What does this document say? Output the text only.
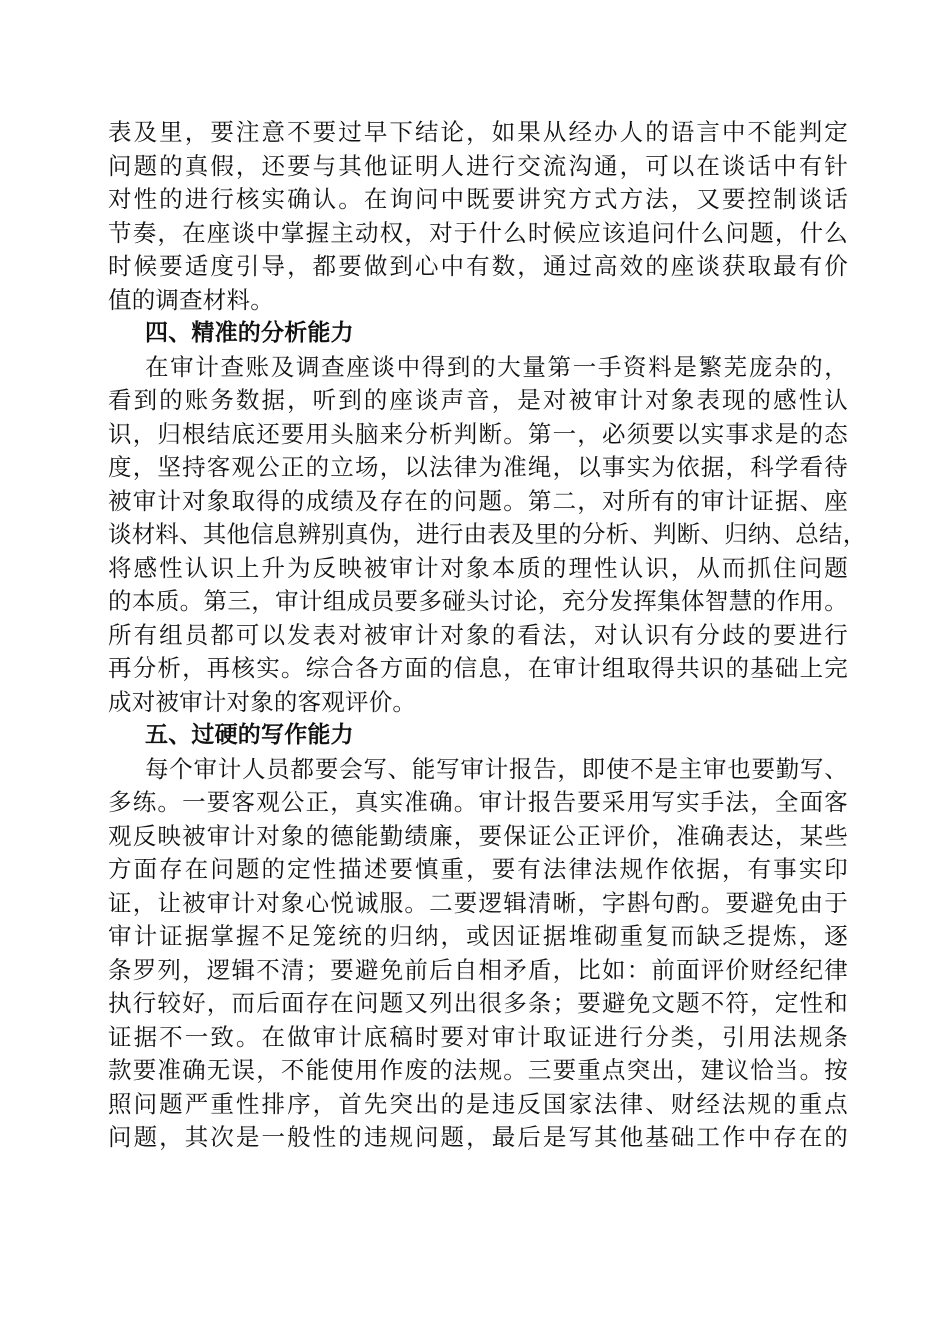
表及里，要注意不要过早下结论，如果从经办人的语言中不能判定
问题的真假，还要与其他证明人进行交流沟通，可以在谈话中有针
对性的进行核实确认。在询问中既要讲究方式方法，又要控制谈话
节奏，在座谈中掌握主动权，对于什么时候应该追问什么问题，什么
时候要适度引导，都要做到心中有数，通过高效的座谈获取最有价
值的调查材料。
四、精准的分析能力
在审计查账及调查座谈中得到的大量第一手资料是繁芜庞杂的，
看到的账务数据，听到的座谈声音，是对被审计对象表现的感性认
识，归根结底还要用头脑来分析判断。第一，必须要以实事求是的态
度，坚持客观公正的立场，以法律为准绳，以事实为依据，科学看待
被审计对象取得的成绩及存在的问题。第二，对所有的审计证据、座
谈材料、其他信息辨别真伪，进行由表及里的分析、判断、归纳、总结，
将感性认识上升为反映被审计对象本质的理性认识，从而抓住问题
的本质。第三，审计组成员要多碰头讨论，充分发挥集体智慧的作用。
所有组员都可以发表对被审计对象的看法，对认识有分歧的要进行
再分析，再核实。综合各方面的信息，在审计组取得共识的基础上完
成对被审计对象的客观评价。
五、过硬的写作能力
每个审计人员都要会写、能写审计报告，即使不是主审也要勤写、
多练。一要客观公正，真实准确。审计报告要采用写实手法，全面客
观反映被审计对象的德能勤绩廉，要保证公正评价，准确表达，某些
方面存在问题的定性描述要慎重，要有法律法规作依据，有事实印
证，让被审计对象心悦诚服。二要逻辑清晰，字斟句酌。要避免由于
审计证据掌握不足笼统的归纳，或因证据堆砌重复而缺乏提炼，逐
条罗列，逻辑不清；要避免前后自相矛盾，比如：前面评价财经纪律
执行较好，而后面存在问题又列出很多条；要避免文题不符，定性和
证据不一致。在做审计底稿时要对审计取证进行分类，引用法规条
款要准确无误，不能使用作废的法规。三要重点突出，建议恰当。按
照问题严重性排序，首先突出的是违反国家法律、财经法规的重点
问题，其次是一般性的违规问题，最后是写其他基础工作中存在的
